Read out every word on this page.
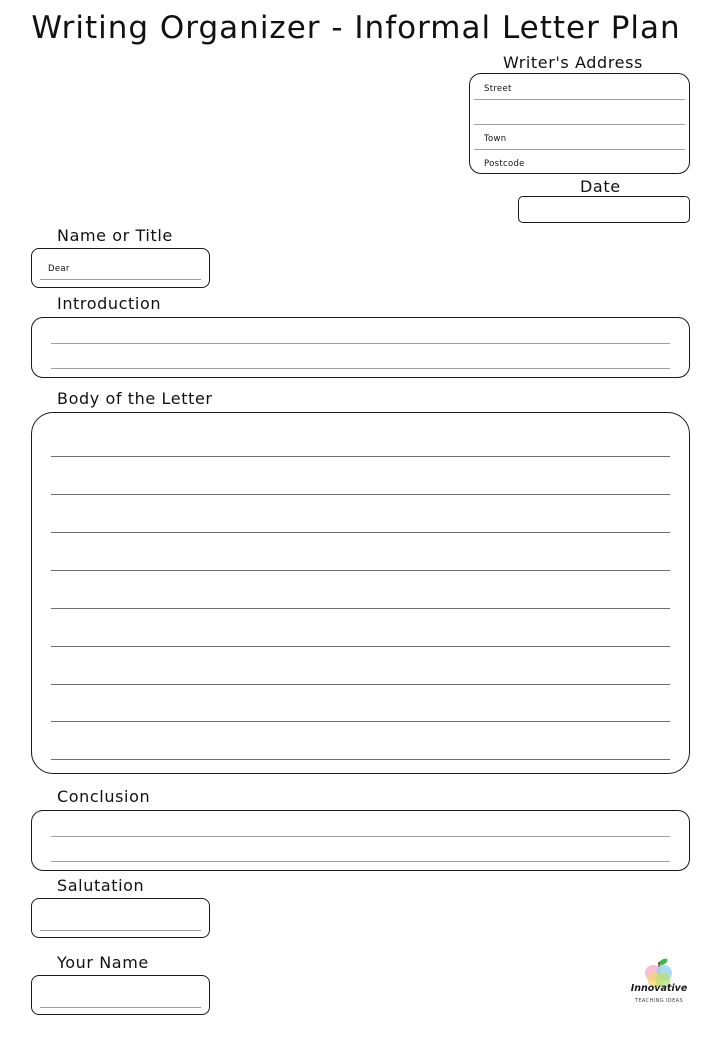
Writing Organizer - Informal Letter Plan
Writer's Address
Street
Town
Postcode
Date
Name or Title
Dear
Introduction
Body of the Letter
Conclusion
Salutation
Your Name
Innovative
TEACHING IDEAS
